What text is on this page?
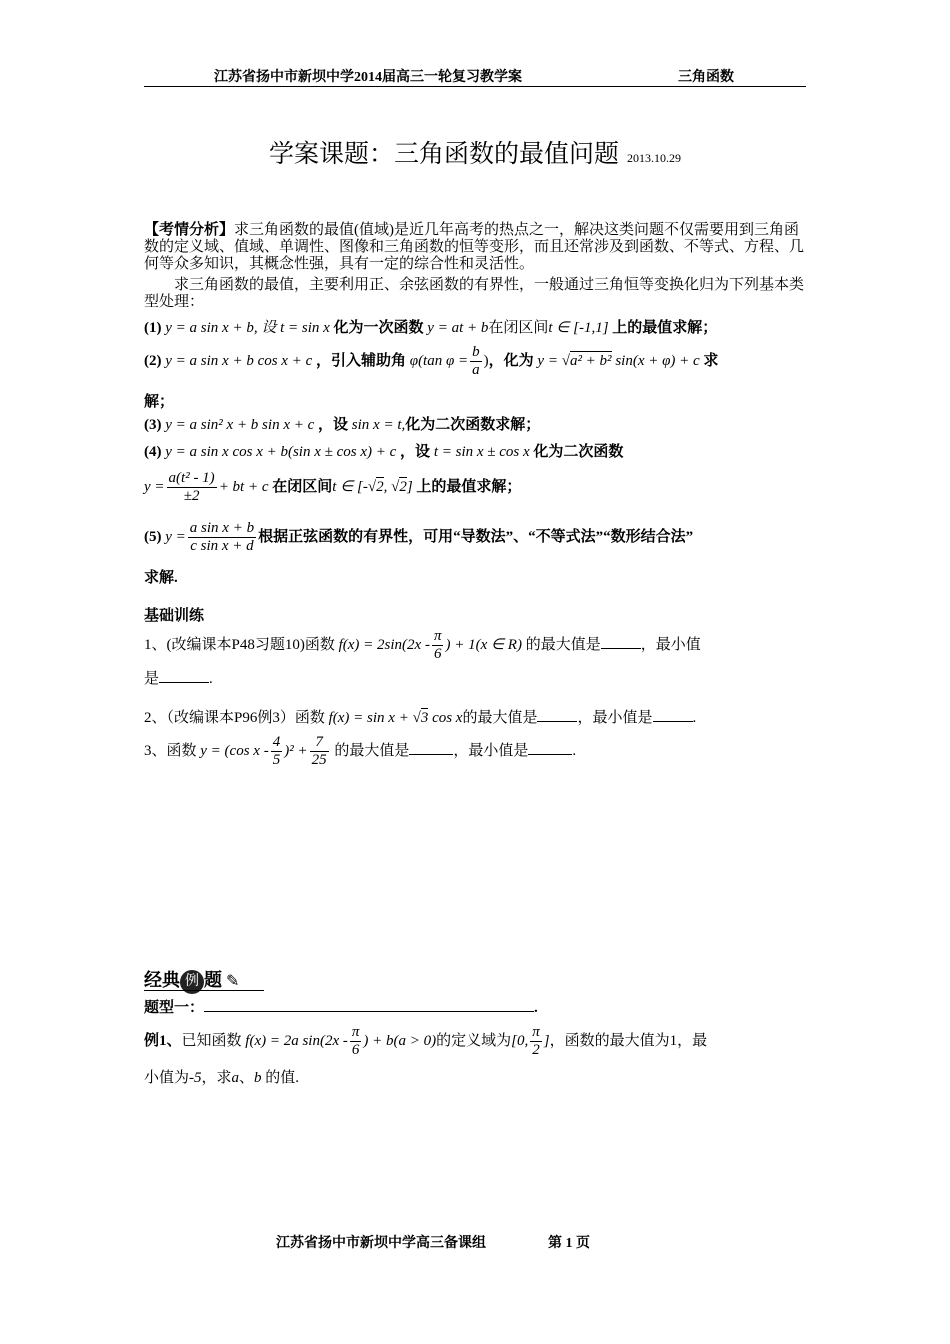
江苏省扬中市新坝中学2014届高三一轮复习教学案	三角函数
学案课题：三角函数的最值问题 2013.10.29
【考情分析】求三角函数的最值(值域)是近几年高考的热点之一，解决这类问题不仅需要用到三角函数的定义域、值域、单调性、图像和三角函数的恒等变形，而且还常涉及到函数、不等式、方程、几何等众多知识，其概念性强，具有一定的综合性和灵活性。
求三角函数的最值，主要利用正、余弦函数的有界性，一般通过三角恒等变换化归为下列基本类型处理：
(1) y = a sin x + b, 设 t = sin x 化为一次函数 y = at + b在闭区间t ∈ [-1,1] 上的最值求解；
(2) y = a sin x + b cos x + c ，引入辅助角 φ(tan $\varphi = \frac{b}{a}$ )，化为 y = √a² + b² sin(x + φ) + c 求
解；
(3) y = a sin² x + b sin x + c ，设 sin x = t,化为二次函数求解；
(4) y = a sin x cos x + b(sin x ± cos x) + c ，设 t = sin x ± cos x 化为二次函数
$y = \frac{\text{a(t² - 1)}}{\pm 2}$ + bt + c 在闭区间t ∈ [-√2, √2] 上的最值求解；
(5) $y = \frac{\text{a sin x + b}}{\text{c sin x + d}}$ 根据正弦函数的有界性，可用“导数法”、“不等式法”“数形结合法”
求解.
基础训练
1、(改编课本P48习题10)函数 $f(x) = 2\sin(2x - \frac{\pi}{6}$ ) + 1(x ∈ R) 的最大值是	，最小值
是	.
2、（改编课本P96例3）函数 f(x) = sin x + √3 cos x的最大值是	，最小值是	.
3、函数 y = (cos $x - \frac{4}{5} )^2 + \frac{7}{25}$ 的最大值是	，最小值是	.
经典 例 题 ✎
题型一：	.
例1、已知函数 f(x) = 2a $\sin(2x - \frac{\pi}{6}$ ) + b(a > 0)的定义域为[0, $\frac{\pi}{2}$ ]，函数的最大值为1，最
小值为-5，求a、b 的值.
江苏省扬中市新坝中学高三备课组	第 1 页
